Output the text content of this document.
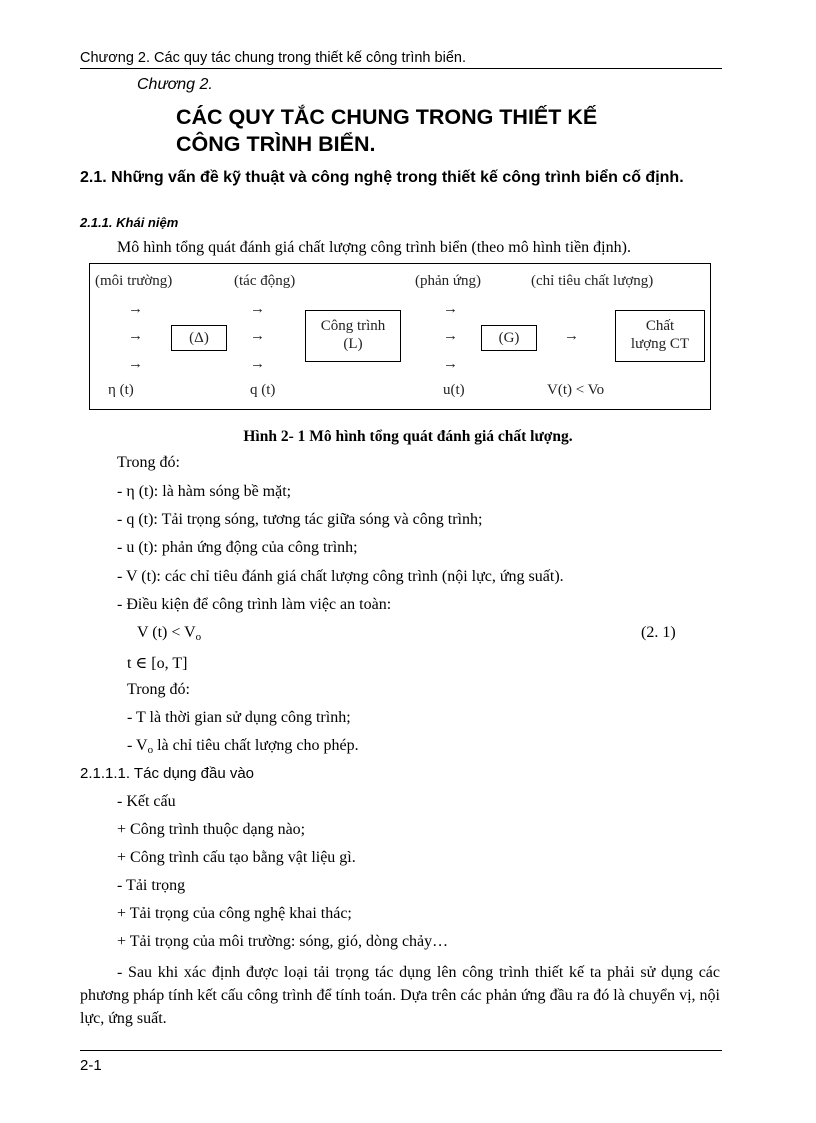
Chương 2. Các quy tác chung trong thiết kế công trình biển.
Chương 2.
CÁC QUY TẮC CHUNG TRONG THIẾT KẾ
CÔNG TRÌNH BIỂN.
2.1. Những vấn đề kỹ thuật và công nghệ trong thiết kế công trình biển cố định.
2.1.1. Khái niệm
Mô hình tổng quát đánh giá chất lượng công trình biển (theo mô hình tiền định).
(môi trường)	(tác động)	(phản ứng)	(chỉ tiêu chất lượng)
→
→
→
(Δ)
→
→
→
Công trình
(L)
→
→
→
(G)	→
Chất
lượng CT
η (t)	q (t)	u(t)	V(t) < Vo
Hình 2- 1 Mô hình tổng quát đánh giá chất lượng.
Trong đó:
- η (t): là hàm sóng bề mặt;
- q (t): Tải trọng sóng, tương tác giữa sóng và công trình;
- u (t): phản ứng động của công trình;
- V (t): các chỉ tiêu đánh giá chất lượng công trình (nội lực, ứng suất).
- Điều kiện để công trình làm việc an toàn:
V $(t) < V_o$	(2. 1)
t ∈ [o, T]
Trong đó:
- T là thời gian sử dụng công trình;
- $V_o$ là chỉ tiêu chất lượng cho phép.
2.1.1.1. Tác dụng đầu vào
- Kết cấu
+ Công trình thuộc dạng nào;
+ Công trình cấu tạo bằng vật liệu gì.
- Tải trọng
+ Tải trọng của công nghệ khai thác;
+ Tải trọng của môi trường: sóng, gió, dòng chảy…
- Sau khi xác định được loại tải trọng tác dụng lên công trình thiết kế ta phải sử dụng các phương pháp tính kết cấu công trình để tính toán. Dựa trên các phản ứng đầu ra đó là chuyển vị, nội lực, ứng suất.
2-1
